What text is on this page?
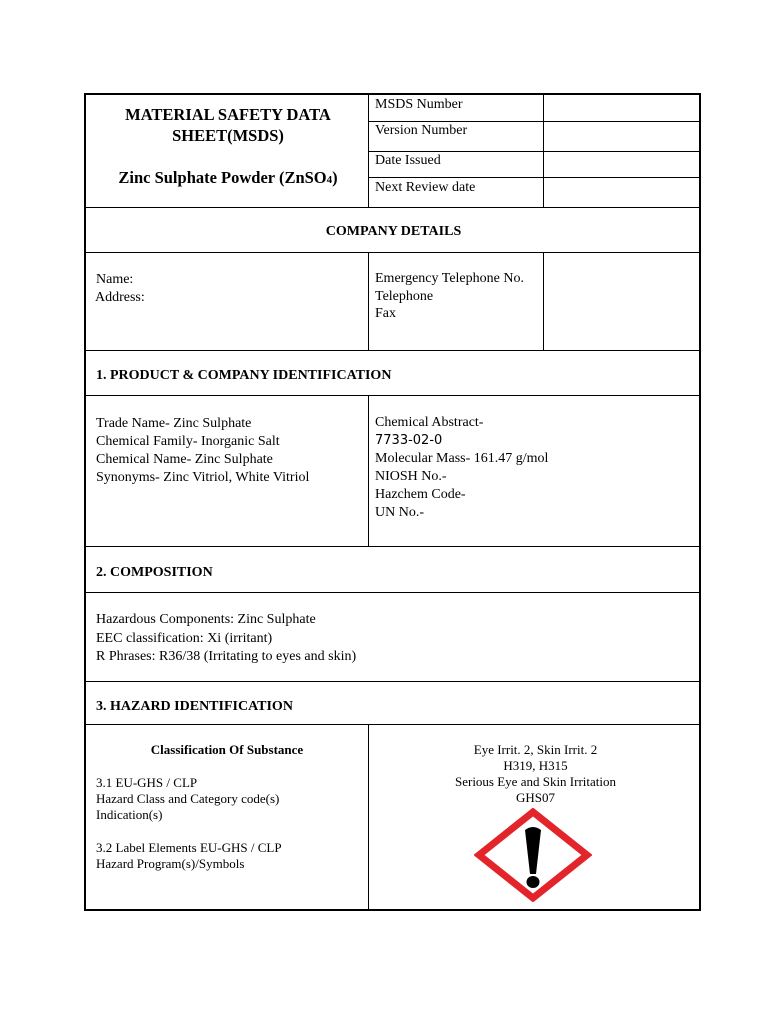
MATERIAL SAFETY DATA
SHEET(MSDS)
Zinc Sulphate Powder (ZnSO4)
MSDS Number
Version Number
Date Issued
Next Review date
COMPANY DETAILS
Name:
Address:
Emergency Telephone No.
Telephone
Fax
1. PRODUCT & COMPANY IDENTIFICATION
Trade Name- Zinc Sulphate
Chemical Family- Inorganic Salt
Chemical Name- Zinc Sulphate
Synonyms- Zinc Vitriol, White Vitriol
Chemical Abstract-
7733-02-0
Molecular Mass- 161.47 g/mol
NIOSH No.-
Hazchem Code-
UN No.-
2. COMPOSITION
Hazardous Components: Zinc Sulphate
EEC classification: Xi (irritant)
R Phrases: R36/38 (Irritating to eyes and skin)
3. HAZARD IDENTIFICATION
Classification Of Substance
3.1 EU-GHS / CLP
Hazard Class and Category code(s)
Indication(s)
3.2 Label Elements EU-GHS / CLP
Hazard Program(s)/Symbols
Eye Irrit. 2, Skin Irrit. 2
H319, H315
Serious Eye and Skin Irritation
GHS07
